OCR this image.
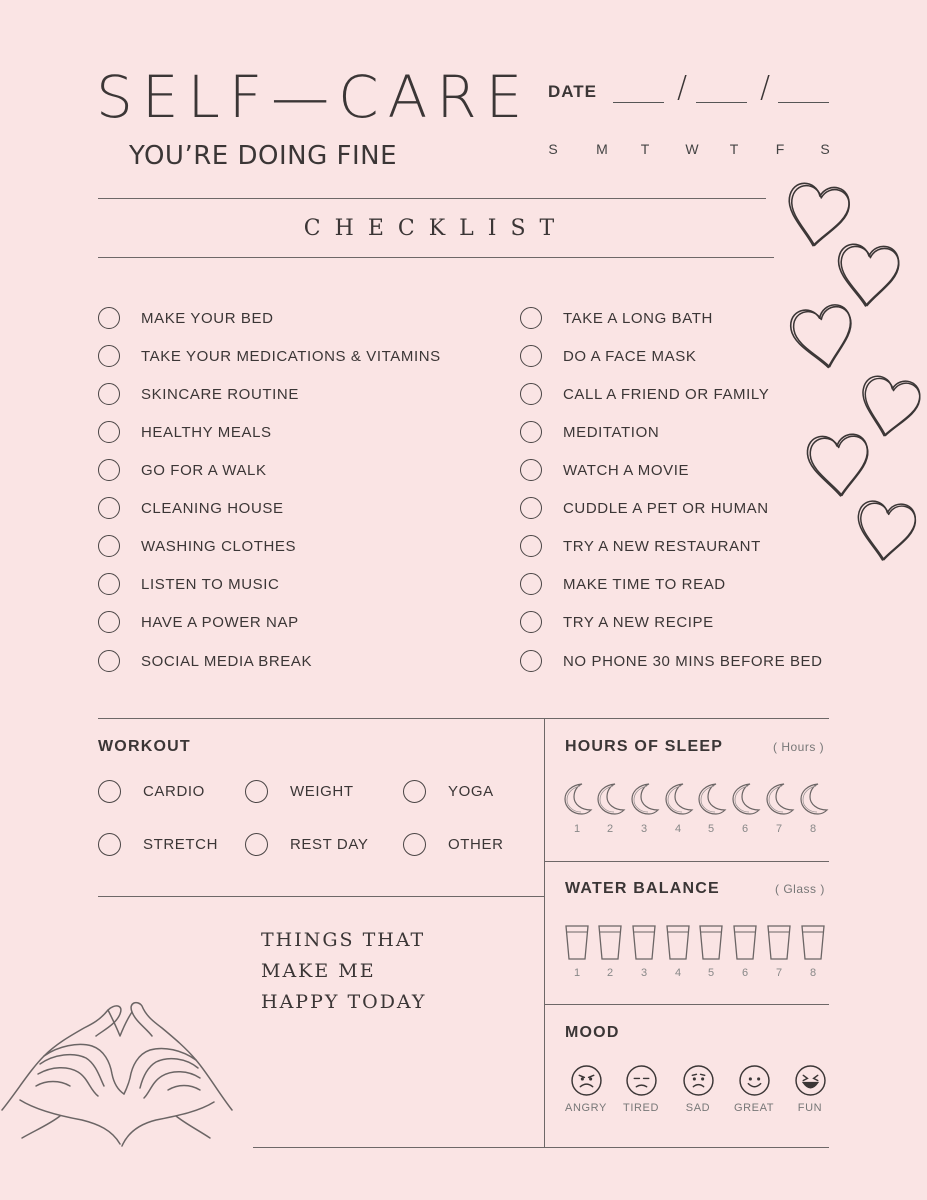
SELF—CARE
YOU’RE DOING FINE
DATE	/ /
S	M	T	W	T	F	S
CHECKLIST
MAKE YOUR BED
TAKE YOUR MEDICATIONS & VITAMINS
SKINCARE ROUTINE
HEALTHY MEALS
GO FOR A WALK
CLEANING HOUSE
WASHING CLOTHES
LISTEN TO MUSIC
HAVE A POWER NAP
SOCIAL MEDIA BREAK
TAKE A LONG BATH
DO A FACE MASK
CALL A FRIEND OR FAMILY
MEDITATION
WATCH A MOVIE
CUDDLE A PET OR HUMAN
TRY A NEW RESTAURANT
MAKE TIME TO READ
TRY A NEW RECIPE
NO PHONE 30 MINS BEFORE BED
WORKOUT
CARDIO	WEIGHT	YOGA
STRETCH	REST DAY	OTHER
HOURS OF SLEEP	( Hours )
1	2	3	4	5	6	7	8
WATER BALANCE	( Glass )
1	2	3	4	5	6	7	8
MOOD
ANGRY	TIRED	SAD	GREAT	FUN
THINGS THAT
MAKE ME
HAPPY TODAY
